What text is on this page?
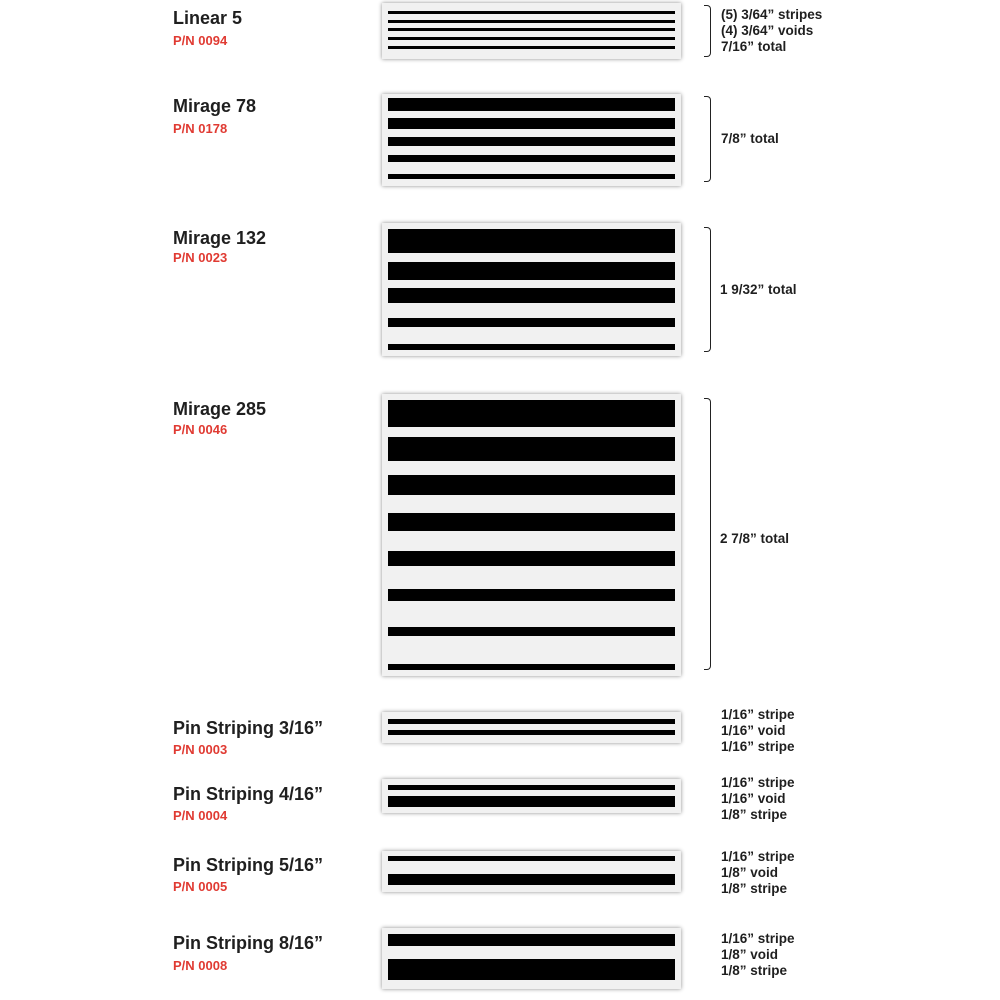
Linear 5
P/N 0094
(5) 3/64” stripes
(4) 3/64” voids
7/16” total
Mirage 78
P/N 0178
7/8” total
Mirage 132
P/N 0023
1 9/32” total
Mirage 285
P/N 0046
2 7/8” total
Pin Striping 3/16”
P/N 0003
1/16” stripe
1/16” void
1/16” stripe
Pin Striping 4/16”
P/N 0004
1/16” stripe
1/16” void
1/8” stripe
Pin Striping 5/16”
P/N 0005
1/16” stripe
1/8” void
1/8” stripe
Pin Striping 8/16”
P/N 0008
1/16” stripe
1/8” void
1/8” stripe
